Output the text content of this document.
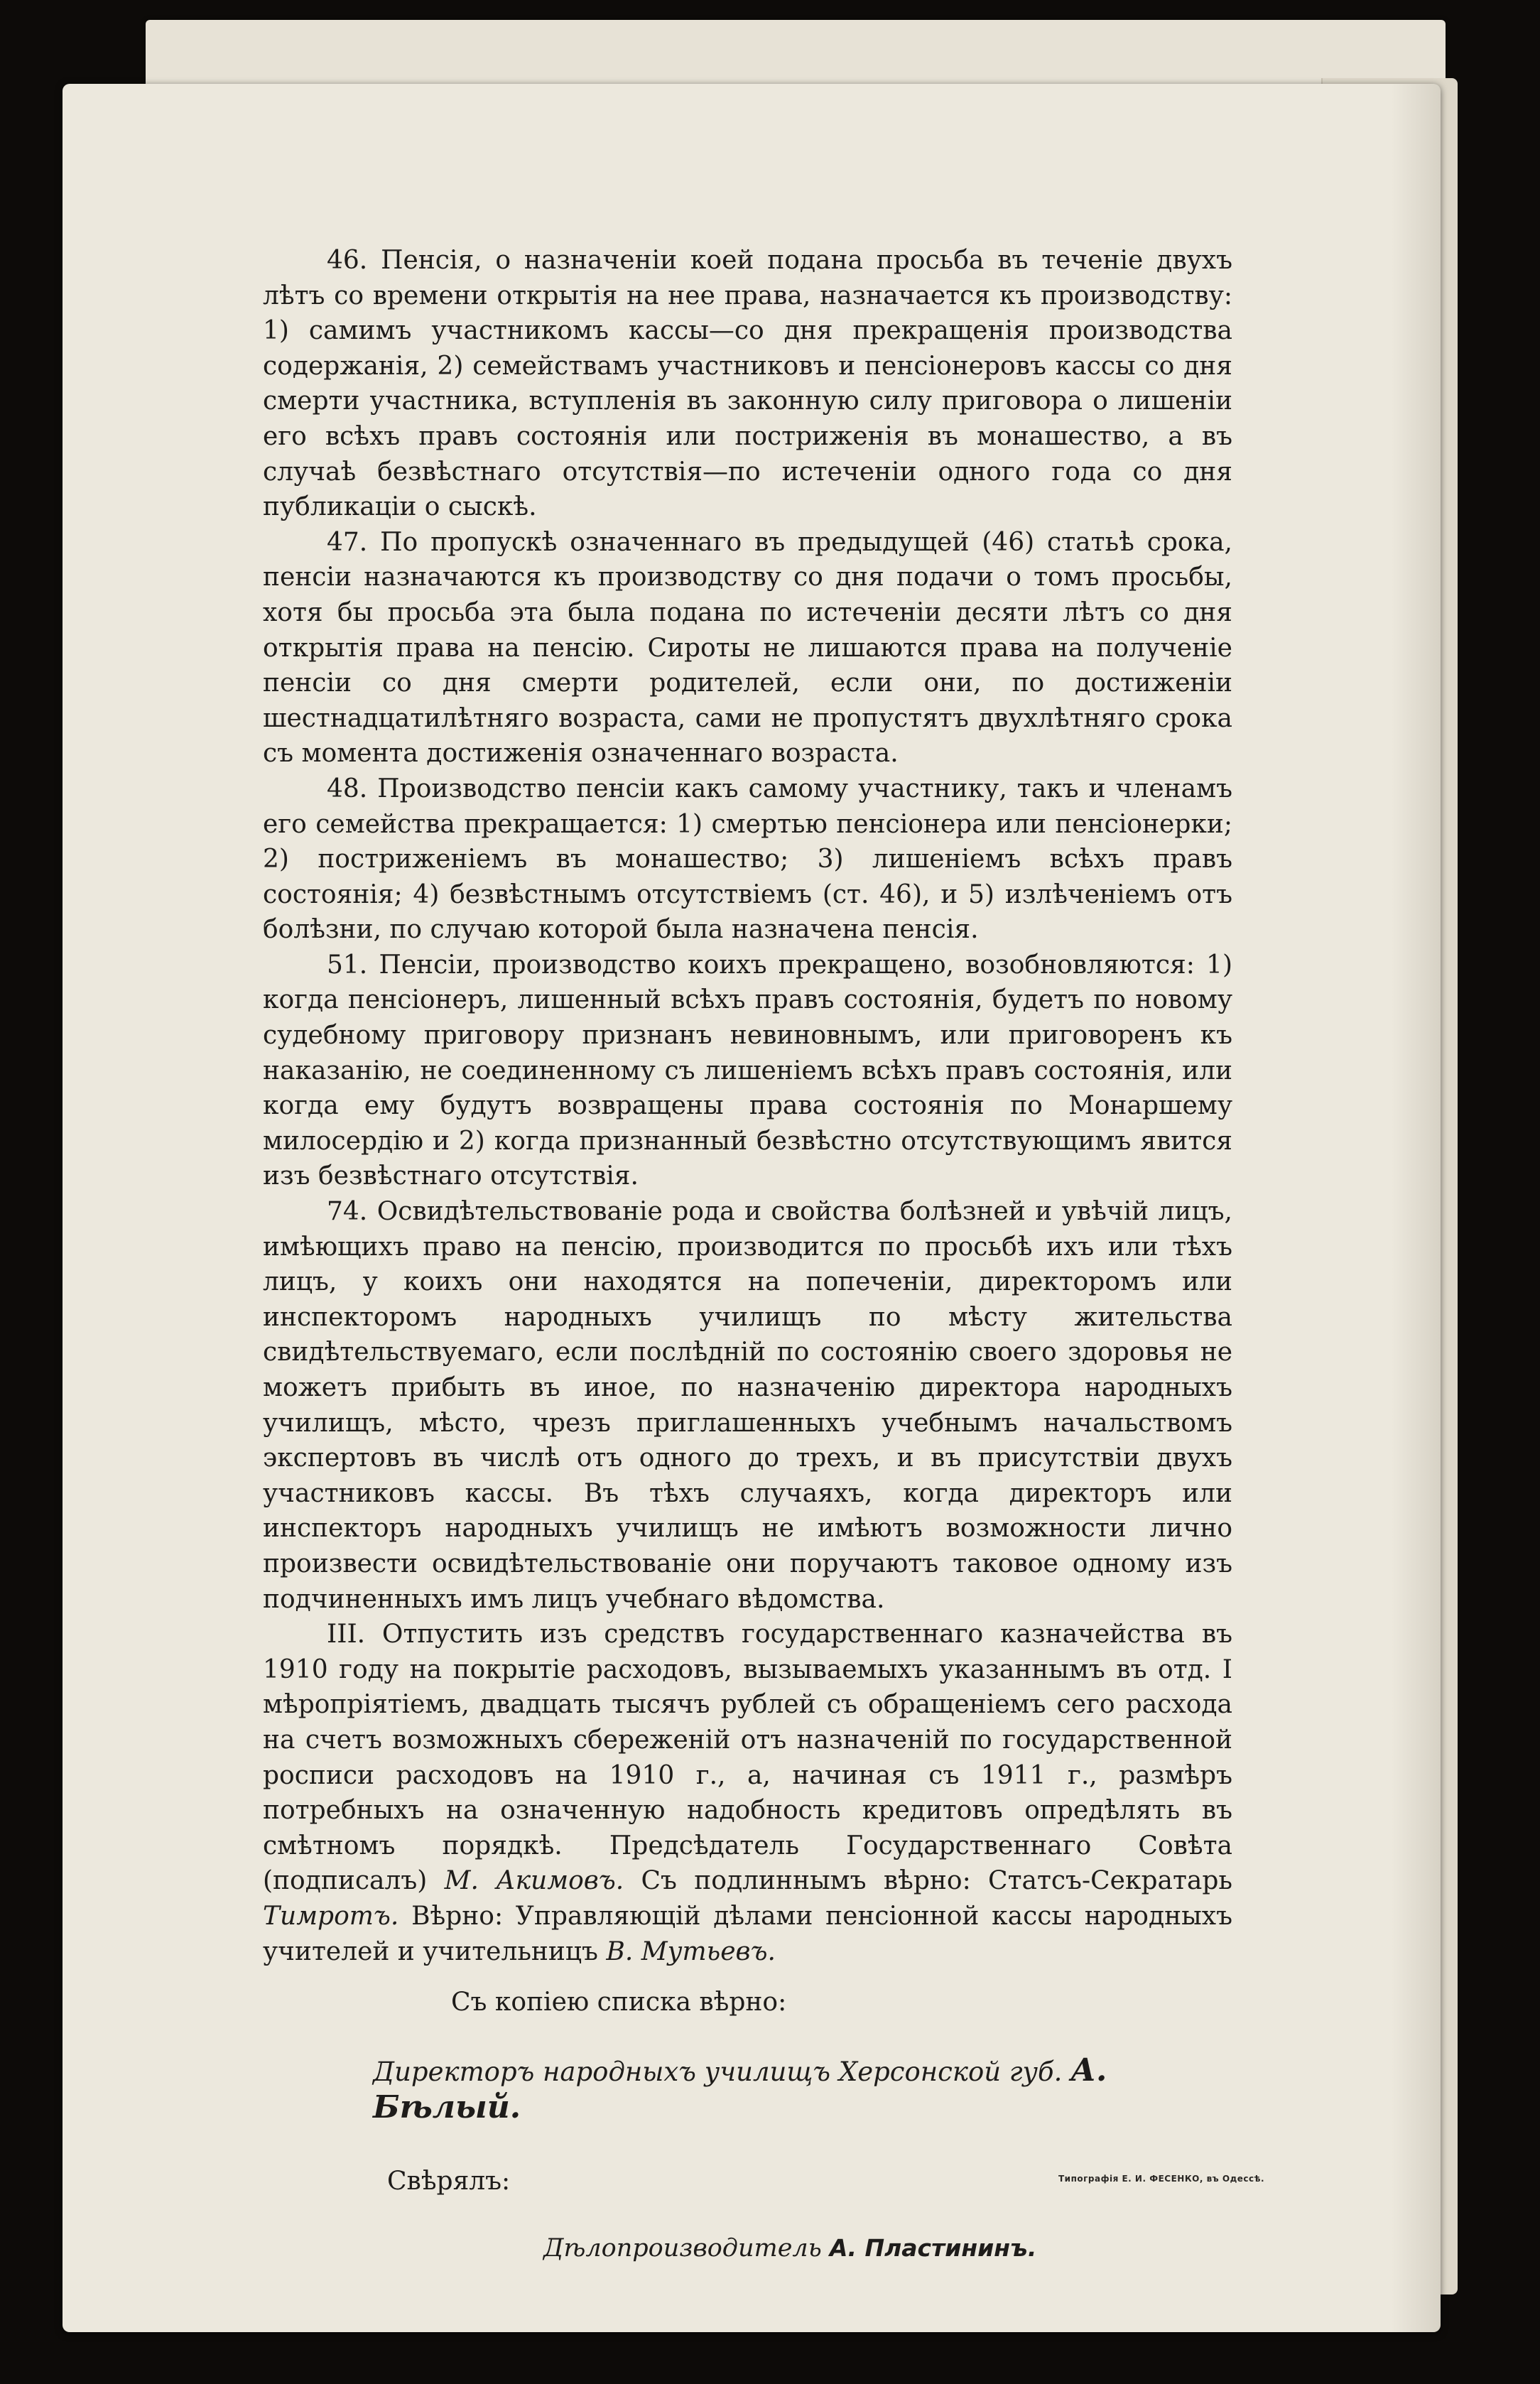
46. Пенсія, о назначеніи коей подана просьба въ теченіе двухъ лѣтъ со времени открытія на нее права, назначается къ производству: 1) самимъ участникомъ кассы—со дня прекращенія производства содержанія, 2) семействамъ участниковъ и пенсіонеровъ кассы со дня смерти участника, вступленія въ законную силу приговора о лишеніи его всѣхъ правъ состоянія или постриженія въ монашество, а въ случаѣ безвѣстнаго отсутствія—по истеченіи одного года со дня публикаціи о сыскѣ.

47. По пропускѣ означеннаго въ предыдущей (46) статьѣ срока, пенсіи назначаются къ производству со дня подачи о томъ просьбы, хотя бы просьба эта была подана по истеченіи десяти лѣтъ со дня открытія права на пенсію. Сироты не лишаются права на полученіе пенсіи со дня смерти родителей, если они, по достиженіи шестнадцатилѣтняго возраста, сами не пропустятъ двухлѣтняго срока съ момента достиженія означеннаго возраста.

48. Производство пенсіи какъ самому участнику, такъ и членамъ его семейства прекращается: 1) смертью пенсіонера или пенсіонерки; 2) постриженіемъ въ монашество; 3) лишеніемъ всѣхъ правъ состоянія; 4) безвѣстнымъ отсутствіемъ (ст. 46), и 5) излѣченіемъ отъ болѣзни, по случаю которой была назначена пенсія.

51. Пенсіи, производство коихъ прекращено, возобновляются: 1) когда пенсіонеръ, лишенный всѣхъ правъ состоянія, будетъ по новому судебному приговору признанъ невиновнымъ, или приговоренъ къ наказанію, не соединенному съ лишеніемъ всѣхъ правъ состоянія, или когда ему будутъ возвращены права состоянія по Монаршему милосердію и 2) когда признанный безвѣстно отсутствующимъ явится изъ безвѣстнаго отсутствія.

74. Освидѣтельствованіе рода и свойства болѣзней и увѣчій лицъ, имѣющихъ право на пенсію, производится по просьбѣ ихъ или тѣхъ лицъ, у коихъ они находятся на попеченіи, директоромъ или инспекторомъ народныхъ училищъ по мѣсту жительства свидѣтельствуемаго, если послѣдній по состоянію своего здоровья не можетъ прибыть въ иное, по назначенію директора народныхъ училищъ, мѣсто, чрезъ приглашенныхъ учебнымъ начальствомъ экспертовъ въ числѣ отъ одного до трехъ, и въ присутствіи двухъ участниковъ кассы. Въ тѣхъ случаяхъ, когда директоръ или инспекторъ народныхъ училищъ не имѣютъ возможности лично произвести освидѣтельствованіе они поручаютъ таковое одному изъ подчиненныхъ имъ лицъ учебнаго вѣдомства.

III. Отпустить изъ средствъ государственнаго казначейства въ 1910 году на покрытіе расходовъ, вызываемыхъ указаннымъ въ отд. I мѣропріятіемъ, двадцать тысячъ рублей съ обращеніемъ сего расхода на счетъ возможныхъ сбереженій отъ назначеній по государственной росписи расходовъ на 1910 г., а, начиная съ 1911 г., размѣръ потребныхъ на означенную надобность кредитовъ опредѣлять въ смѣтномъ порядкѣ. Предсѣдатель Государственнаго Совѣта (подписалъ) М. Акимовъ. Съ подлиннымъ вѣрно: Статсъ-Секратарь Тимротъ. Вѣрно: Управляющій дѣлами пенсіонной кассы народныхъ учителей и учительницъ В. Мутьевъ.

Съ копіею списка вѣрно:
Директоръ народныхъ училищъ Херсонской губ. А. Бѣлый.
Свѣрялъ:
Дѣлопроизводитель А. Пластининъ.
Типографія Е. И. ФЕСЕНКО, въ Одессѣ.
